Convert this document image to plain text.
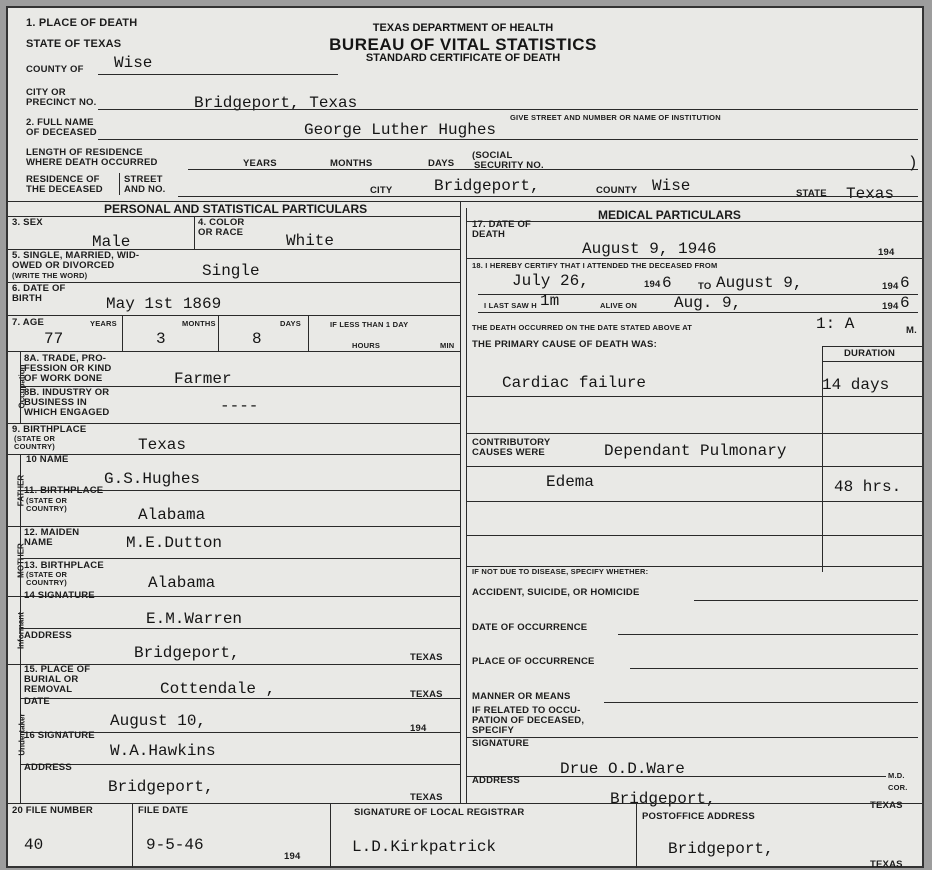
1. PLACE OF DEATH
STATE OF TEXAS
TEXAS DEPARTMENT OF HEALTH
BUREAU OF VITAL STATISTICS
STANDARD CERTIFICATE OF DEATH
COUNTY OF Wise
CITY OR
PRECINCT NO.	Bridgeport, Texas
GIVE STREET AND NUMBER OR NAME OF INSTITUTION
2. FULL NAME
OF DECEASED	George Luther Hughes
LENGTH OF RESIDENCE
WHERE DEATH OCCURRED	YEARS	MONTHS	DAYS
(SOCIAL
SECURITY NO.	)
RESIDENCE OF
THE DECEASED
STREET
AND NO.	CITY	Bridgeport,	COUNTY Wise	STATE Texas
PERSONAL AND STATISTICAL PARTICULARS	MEDICAL PARTICULARS
3. SEX
Male
4. COLOR
OR RACE	White
5. SINGLE, MARRIED, WID-
OWED OR DIVORCED
(WRITE THE WORD)	Single
6. DATE OF
BIRTH	May 1st 1869
7. AGE	YEARS
77
MONTHS
3
DAYS
8
IF LESS THAN 1 DAY
HOURS	MIN
Occupation
8A. TRADE, PRO-
FESSION OR KIND
OF WORK DONE	Farmer
8B. INDUSTRY OR
BUSINESS IN
WHICH ENGAGED	----
9. BIRTHPLACE
(STATE OR
COUNTRY)	Texas
FATHER
10 NAME
G.S.Hughes
11. BIRTHPLACE
(STATE OR
COUNTRY)	Alabama
MOTHER
12. MAIDEN
NAME	M.E.Dutton
13. BIRTHPLACE
(STATE OR
COUNTRY)	Alabama
Informant
14 SIGNATURE
E.M.Warren
ADDRESS
Bridgeport,	TEXAS
Undertaker
15. PLACE OF
BURIAL OR
REMOVAL	Cottendale ,	TEXAS
DATE
August 10,	194
16 SIGNATURE
W.A.Hawkins
ADDRESS
Bridgeport,
TEXAS
17. DATE OF
DEATH
August 9, 1946	194
18. I HEREBY CERTIFY THAT I ATTENDED THE DECEASED FROM
July 26,	194 6	TO August 9,	194 6
I LAST SAW H 1m	ALIVE ON Aug. 9,	194 6
THE DEATH OCCURRED ON THE DATE STATED ABOVE AT	1: A	M.
THE PRIMARY CAUSE OF DEATH WAS:
DURATION
Cardiac failure	14 days
CONTRIBUTORY
CAUSES WERE	Dependant Pulmonary
Edema	48 hrs.
IF NOT DUE TO DISEASE, SPECIFY WHETHER:
ACCIDENT, SUICIDE, OR HOMICIDE
DATE OF OCCURRENCE
PLACE OF OCCURRENCE
MANNER OR MEANS
IF RELATED TO OCCU-
PATION OF DECEASED,
SPECIFY
SIGNATURE
Drue O.D.Ware	M.D.
COR.
ADDRESS
Bridgeport,	TEXAS
20 FILE NUMBER
40
FILE DATE
9-5-46
194
SIGNATURE OF LOCAL REGISTRAR
L.D.Kirkpatrick
POSTOFFICE ADDRESS
Bridgeport,
TEXAS
